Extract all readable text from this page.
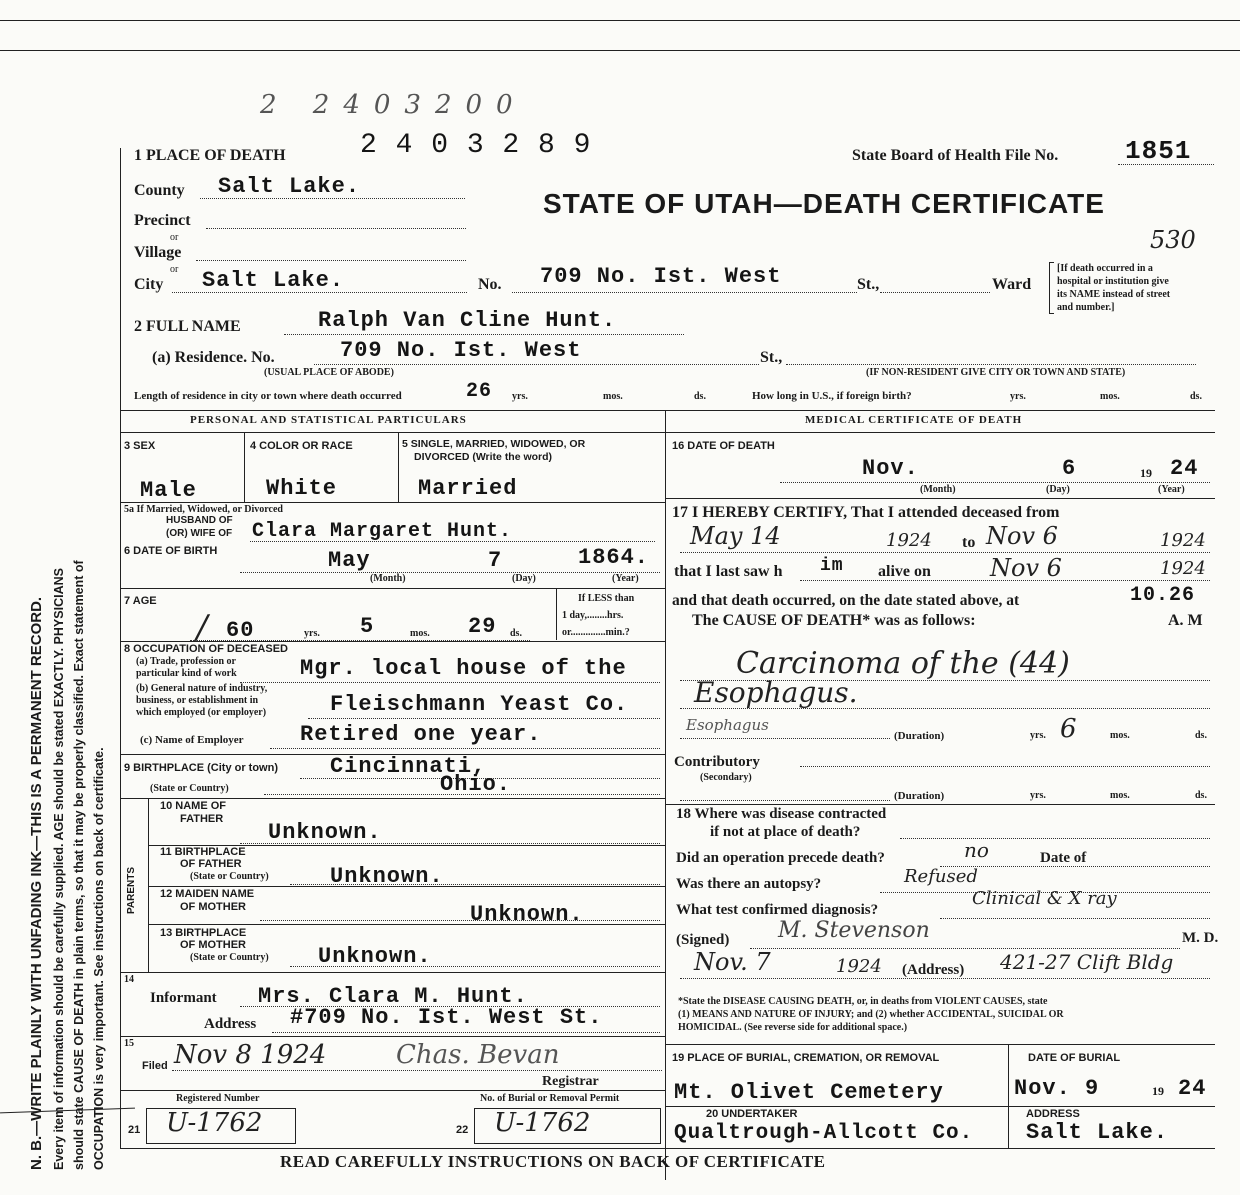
2 2403200
N. B.—WRITE PLAINLY WITH UNFADING INK—THIS IS A PERMANENT RECORD. Every item of information should be carefully supplied. AGE should be stated EXACTLY. PHYSICIANS should state CAUSE OF DEATH in plain terms, so that it may be properly classified. Exact statement of OCCUPATION is very important. See instructions on back of certificate.
1 PLACE OF DEATH	2 4 0 3 2 8 9	State Board of Health File No.	1851
STATE OF UTAH—DEATH CERTIFICATE
530
County Salt Lake.
Precinct
or
Village
or
City Salt Lake.	No. 709 No. Ist. West	St.,	Ward
[If death occurred in a
hospital or institution give
its NAME instead of street
and number.]
2 FULL NAME	Ralph Van Cline Hunt.
(a) Residence. No.	709 No. Ist. West	St.,
(USUAL PLACE OF ABODE)	(IF NON-RESIDENT GIVE CITY OR TOWN AND STATE)
Length of residence in city or town where death occurred	26 yrs.	mos.	ds.	How long in U.S., if foreign birth?	yrs.	mos.	ds.
PERSONAL AND STATISTICAL PARTICULARS	MEDICAL CERTIFICATE OF DEATH
3 SEX	4 COLOR OR RACE	5 SINGLE, MARRIED, WIDOWED, OR
DIVORCED (Write the word)
Male	White	Married
5a If Married, Widowed, or Divorced
HUSBAND OF
(OR) WIFE OF Clara Margaret Hunt.
6 DATE OF BIRTH	May	7	1864.
(Month)	(Day)	(Year)
7 AGE
/ 60	yrs. 5	mos. 29 ds.
If LESS than
1 day,........hrs.
or..............min.?
8 OCCUPATION OF DECEASED
(a) Trade, profession or
particular kind of work	Mgr. local house of the
(b) General nature of industry,
business, or establishment in
which employed (or employer)	Fleischmann Yeast Co.
(c) Name of Employer	Retired one year.
9 BIRTHPLACE (City or town) Cincinnati,
(State or Country)	Ohio.
PARENTS
10 NAME OF
FATHER
Unknown.
11 BIRTHPLACE
OF FATHER
(State or Country)	Unknown.
12 MAIDEN NAME
OF MOTHER	Unknown.
13 BIRTHPLACE
OF MOTHER
(State or Country) Unknown.
14
Informant Mrs. Clara M. Hunt.
Address #709 No. Ist. West St.
15
Filed Nov 8 1924	Chas. Bevan
Registrar
Registered Number	No. of Burial or Removal Permit
21 U-1762	22 U-1762
16 DATE OF DEATH
Nov.	6	19 24
(Month)	(Day)	(Year)
17 I HEREBY CERTIFY, That I attended deceased from
May 14	1924 to Nov 6	1924
that I last saw h im alive on Nov 6	1924
and that death occurred, on the date stated above, at	10.26
The CAUSE OF DEATH* was as follows:	A. M
Carcinoma of the (44)
Esophagus.
Esophagus
(Duration)	6
yrs.	mos.	ds.
Contributory
(Secondary)
(Duration)	yrs.	mos.	ds.
18 Where was disease contracted
if not at place of death?
Did an operation precede death?	no	Date of
Was there an autopsy?	Refused
What test confirmed diagnosis?
Clinical & X ray
(Signed) M. Stevenson	M. D.
Nov. 7	1924 (Address) 421-27 Clift Bldg
*State the DISEASE CAUSING DEATH, or, in deaths from VIOLENT CAUSES, state
(1) MEANS AND NATURE OF INJURY; and (2) whether ACCIDENTAL, SUICIDAL OR
HOMICIDAL. (See reverse side for additional space.)
19 PLACE OF BURIAL, CREMATION, OR REMOVAL	DATE OF BURIAL
Mt. Olivet Cemetery	Nov. 9	19 24
20 UNDERTAKER	ADDRESS
Qualtrough-Allcott Co. Salt Lake.
READ CAREFULLY INSTRUCTIONS ON BACK OF CERTIFICATE
